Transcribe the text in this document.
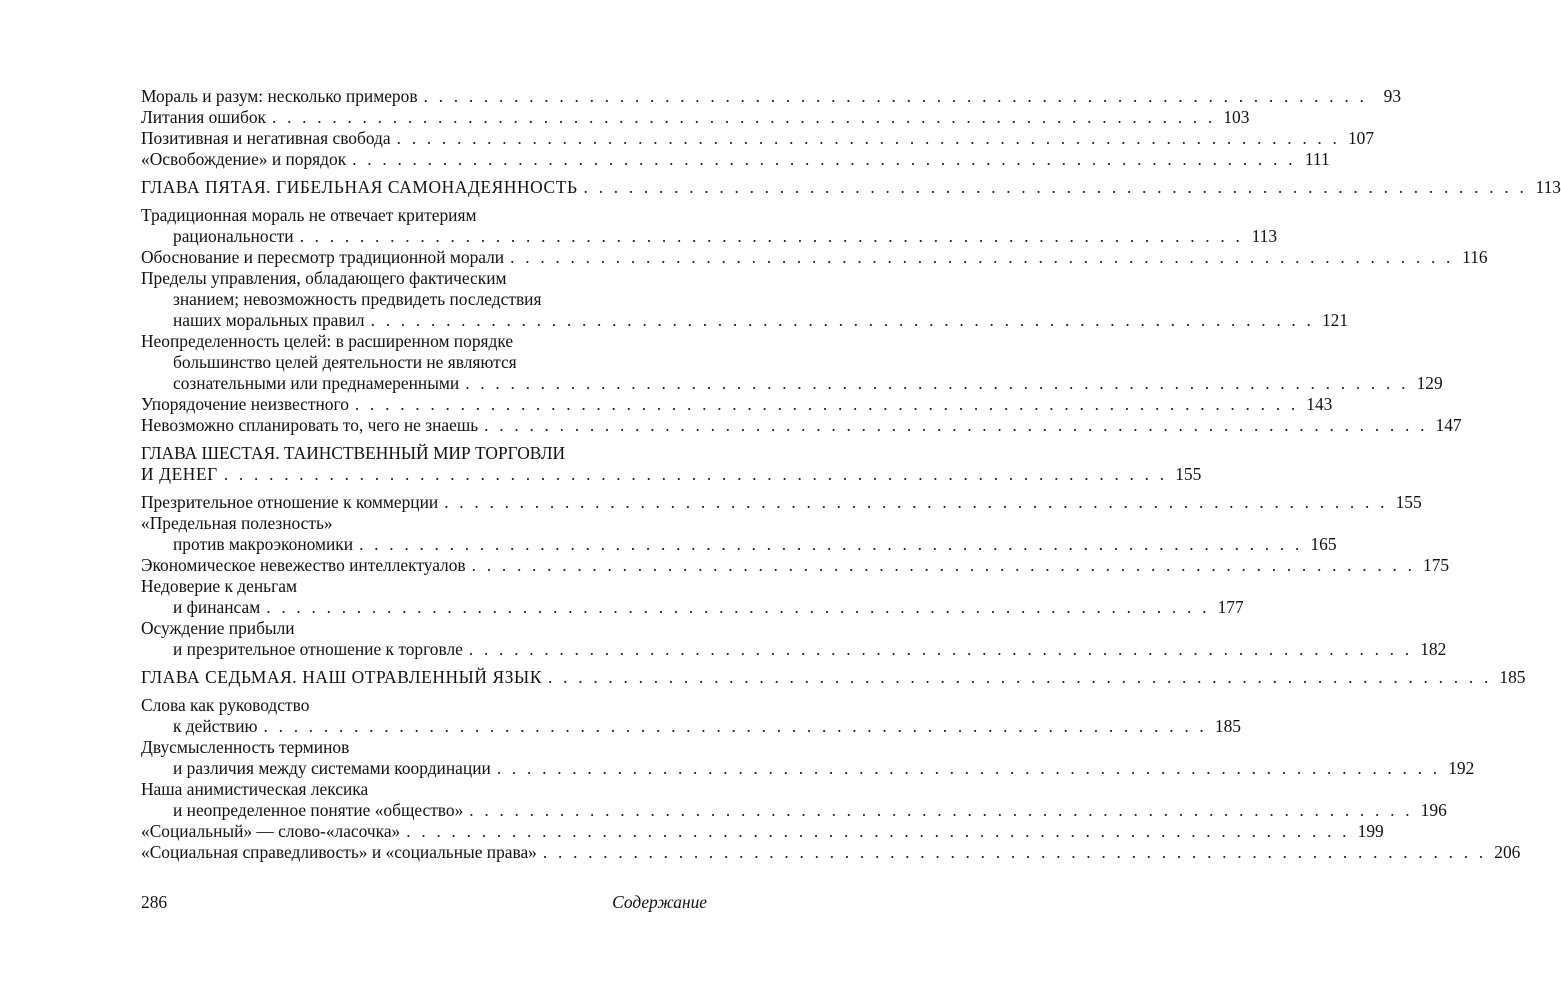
Мораль и разум: несколько примеров . . . . . . . . . . . . . . . . . . . . . . . . . . . . . . . . . . . . . . . . . . . . . . . . . . . . . . . . . . . . . . . 93
Литания ошибок . . . . . . . . . . . . . . . . . . . . . . . . . . . . . . . . . . . . . . . . . . . . . . . . . . . . . . . . . . . . . . . 103
Позитивная и негативная свобода . . . . . . . . . . . . . . . . . . . . . . . . . . . . . . . . . . . . . . . . . . . . . . . . . . . . . . . . . . . . . . . 107
«Освобождение» и порядок . . . . . . . . . . . . . . . . . . . . . . . . . . . . . . . . . . . . . . . . . . . . . . . . . . . . . . . . . . . . . . . 111
ГЛАВА ПЯТАЯ. ГИБЕЛЬНАЯ САМОНАДЕЯННОСТЬ . . . . . . . . . . . . . . . . . . . . . . . . . . . . . . . . . . . . . . . . . . . . . . . . . . . . . . . . . . . . . . . 113
Традиционная мораль не отвечает критериям
рациональности . . . . . . . . . . . . . . . . . . . . . . . . . . . . . . . . . . . . . . . . . . . . . . . . . . . . . . . . . . . . . . . 113
Обоснование и пересмотр традиционной морали . . . . . . . . . . . . . . . . . . . . . . . . . . . . . . . . . . . . . . . . . . . . . . . . . . . . . . . . . . . . . . . 116
Пределы управления, обладающего фактическим
знанием; невозможность предвидеть последствия
наших моральных правил . . . . . . . . . . . . . . . . . . . . . . . . . . . . . . . . . . . . . . . . . . . . . . . . . . . . . . . . . . . . . . . 121
Неопределенность целей: в расширенном порядке
большинство целей деятельности не являются
сознательными или преднамеренными . . . . . . . . . . . . . . . . . . . . . . . . . . . . . . . . . . . . . . . . . . . . . . . . . . . . . . . . . . . . . . . 129
Упорядочение неизвестного . . . . . . . . . . . . . . . . . . . . . . . . . . . . . . . . . . . . . . . . . . . . . . . . . . . . . . . . . . . . . . . 143
Невозможно спланировать то, чего не знаешь . . . . . . . . . . . . . . . . . . . . . . . . . . . . . . . . . . . . . . . . . . . . . . . . . . . . . . . . . . . . . . . 147
ГЛАВА ШЕСТАЯ. ТАИНСТВЕННЫЙ МИР ТОРГОВЛИ
И ДЕНЕГ . . . . . . . . . . . . . . . . . . . . . . . . . . . . . . . . . . . . . . . . . . . . . . . . . . . . . . . . . . . . . . . 155
Презрительное отношение к коммерции . . . . . . . . . . . . . . . . . . . . . . . . . . . . . . . . . . . . . . . . . . . . . . . . . . . . . . . . . . . . . . . 155
«Предельная полезность»
против макроэкономики . . . . . . . . . . . . . . . . . . . . . . . . . . . . . . . . . . . . . . . . . . . . . . . . . . . . . . . . . . . . . . . 165
Экономическое невежество интеллектуалов . . . . . . . . . . . . . . . . . . . . . . . . . . . . . . . . . . . . . . . . . . . . . . . . . . . . . . . . . . . . . . . 175
Недоверие к деньгам
и финансам . . . . . . . . . . . . . . . . . . . . . . . . . . . . . . . . . . . . . . . . . . . . . . . . . . . . . . . . . . . . . . . 177
Осуждение прибыли
и презрительное отношение к торговле . . . . . . . . . . . . . . . . . . . . . . . . . . . . . . . . . . . . . . . . . . . . . . . . . . . . . . . . . . . . . . . 182
ГЛАВА СЕДЬМАЯ. НАШ ОТРАВЛЕННЫЙ ЯЗЫК . . . . . . . . . . . . . . . . . . . . . . . . . . . . . . . . . . . . . . . . . . . . . . . . . . . . . . . . . . . . . . . 185
Слова как руководство
к действию . . . . . . . . . . . . . . . . . . . . . . . . . . . . . . . . . . . . . . . . . . . . . . . . . . . . . . . . . . . . . . . 185
Двусмысленность терминов
и различия между системами координации . . . . . . . . . . . . . . . . . . . . . . . . . . . . . . . . . . . . . . . . . . . . . . . . . . . . . . . . . . . . . . . 192
Наша анимистическая лексика
и неопределенное понятие «общество» . . . . . . . . . . . . . . . . . . . . . . . . . . . . . . . . . . . . . . . . . . . . . . . . . . . . . . . . . . . . . . . 196
«Социальный» — слово-«ласочка» . . . . . . . . . . . . . . . . . . . . . . . . . . . . . . . . . . . . . . . . . . . . . . . . . . . . . . . . . . . . . . . 199
«Социальная справедливость» и «социальные права» . . . . . . . . . . . . . . . . . . . . . . . . . . . . . . . . . . . . . . . . . . . . . . . . . . . . . . . . . . . . . . . 206
286	Содержание
